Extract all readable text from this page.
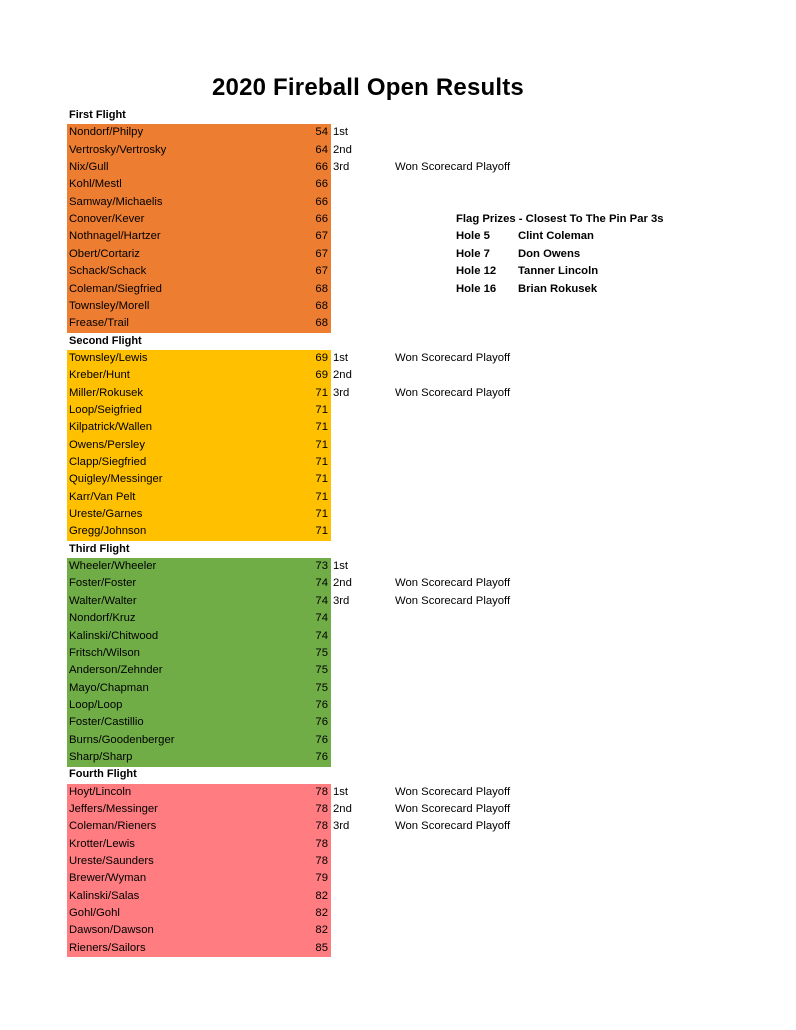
2020 Fireball Open Results
First Flight
Nondorf/Philpy	54 1st
Vertrosky/Vertrosky	64 2nd
Nix/Gull	66 3rd	Won Scorecard Playoff
Kohl/Mestl	66
Samway/Michaelis	66
Conover/Kever	66
Nothnagel/Hartzer	67
Obert/Cortariz	67
Schack/Schack	67
Coleman/Siegfried	68
Townsley/Morell	68
Frease/Trail	68
Second Flight
Townsley/Lewis	69 1st	Won Scorecard Playoff
Kreber/Hunt	69 2nd
Miller/Rokusek	71 3rd	Won Scorecard Playoff
Loop/Seigfried	71
Kilpatrick/Wallen	71
Owens/Persley	71
Clapp/Siegfried	71
Quigley/Messinger	71
Karr/Van Pelt	71
Ureste/Garnes	71
Gregg/Johnson	71
Third Flight
Wheeler/Wheeler	73 1st
Foster/Foster	74 2nd	Won Scorecard Playoff
Walter/Walter	74 3rd	Won Scorecard Playoff
Nondorf/Kruz	74
Kalinski/Chitwood	74
Fritsch/Wilson	75
Anderson/Zehnder	75
Mayo/Chapman	75
Loop/Loop	76
Foster/Castillio	76
Burns/Goodenberger	76
Sharp/Sharp	76
Fourth Flight
Hoyt/Lincoln	78 1st	Won Scorecard Playoff
Jeffers/Messinger	78 2nd	Won Scorecard Playoff
Coleman/Rieners	78 3rd	Won Scorecard Playoff
Krotter/Lewis	78
Ureste/Saunders	78
Brewer/Wyman	79
Kalinski/Salas	82
Gohl/Gohl	82
Dawson/Dawson	82
Rieners/Sailors	85
Flag Prizes - Closest To The Pin Par 3s
Hole 5 Clint Coleman
Hole 7 Don Owens
Hole 12 Tanner Lincoln
Hole 16 Brian Rokusek
